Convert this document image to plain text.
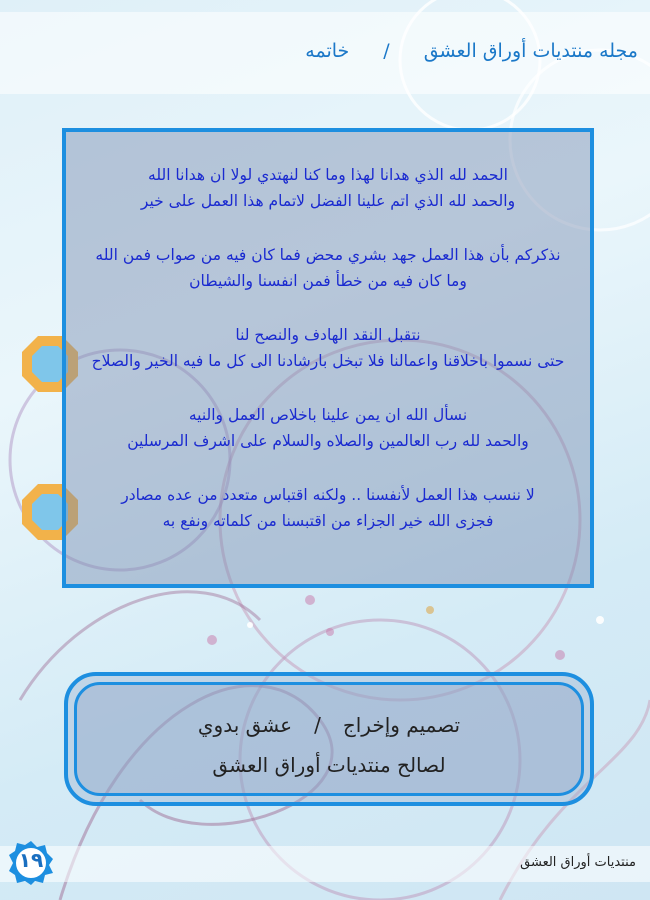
مجله منتديات أوراق العشق/خاتمه
الحمد لله الذي هدانا لهذا وما كنا لنهتدي لولا ان هدانا الله
والحمد لله الذي اتم علينا الفضل لاتمام هذا العمل على خير
نذكركم بأن هذا العمل جهد بشري محض فما كان فيه من صواب فمن الله
وما كان فيه من خطأ فمن انفسنا والشيطان
نتقبل النقد الهادف والنصح لنا
حتى نسموا باخلاقنا واعمالنا فلا تبخل بارشادنا الى كل ما فيه الخير والصلاح
نسأل الله ان يمن علينا باخلاص العمل والنيه
والحمد لله رب العالمين والصلاه والسلام على اشرف المرسلين
لا ننسب هذا العمل لأنفسنا .. ولكنه اقتباس متعدد من عده مصادر
فجزى الله خير الجزاء من اقتبسنا من كلماته ونفع به
تصميم وإخراج/عشق بدوي
لصالح منتديات أوراق العشق
منتديات أوراق العشق
١٩
